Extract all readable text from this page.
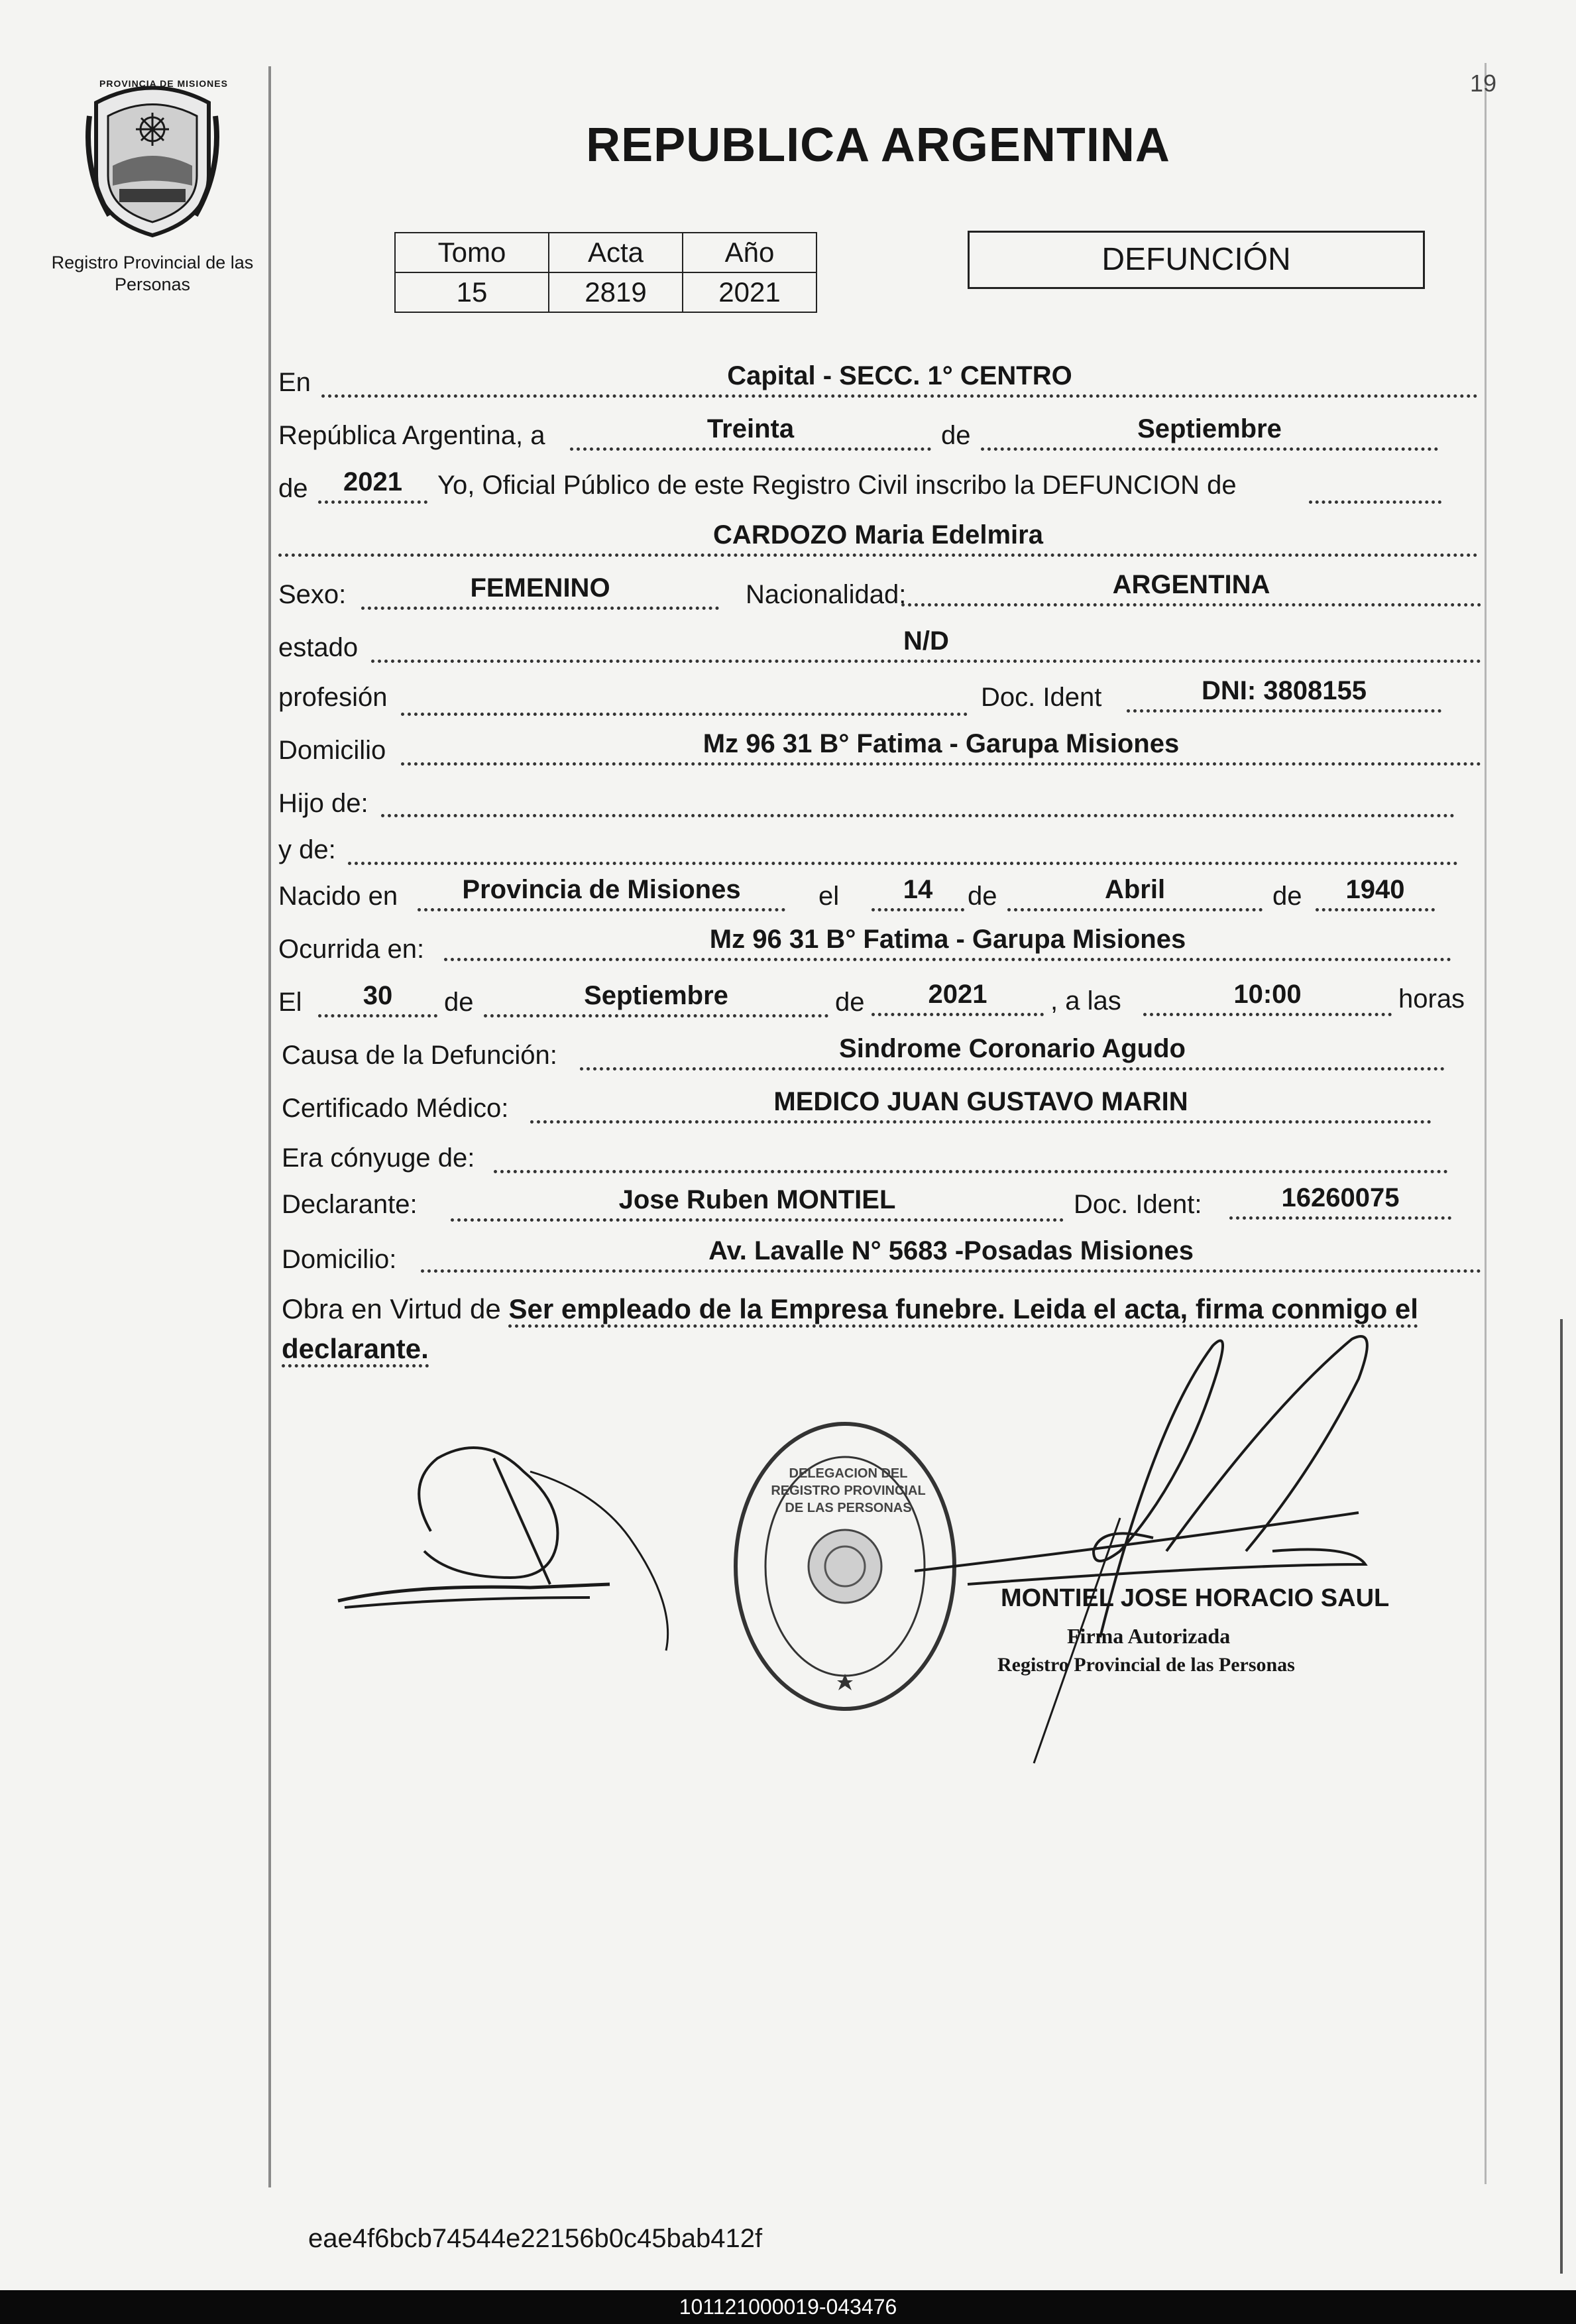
PROVINCIA DE MISIONES
Registro Provincial de las Personas
19
REPUBLICA ARGENTINA
Tomo	Acta	Año
15	2819	2021
DEFUNCIÓN
En	Capital - SECC. 1° CENTRO
República Argentina, a	Treinta	de	Septiembre
de	2021	Yo, Oficial Público de este Registro Civil inscribo la DEFUNCION de
CARDOZO Maria Edelmira
Sexo:	FEMENINO	Nacionalidad:	ARGENTINA
estado	N/D
profesión	Doc. Ident	DNI: 3808155
Domicilio	Mz 96 31 B° Fatima - Garupa Misiones
Hijo de:
y de:
Nacido en	Provincia de Misiones	el	14	de	Abril	de	1940
Ocurrida en:	Mz 96 31 B° Fatima - Garupa Misiones
El	30	de	Septiembre	de	2021	, a las	10:00	horas
Causa de la Defunción:	Sindrome Coronario Agudo
Certificado Médico:	MEDICO JUAN GUSTAVO MARIN
Era cónyuge de:
Declarante:	Jose Ruben MONTIEL	Doc. Ident:	16260075
Domicilio:	Av. Lavalle N° 5683 -Posadas Misiones
Obra en Virtud de Ser empleado de la Empresa funebre. Leida el acta, firma conmigo el declarante.
DELEGACION DEL REGISTRO PROVINCIAL DE LAS PERSONAS
MONTIEL JOSE HORACIO SAUL
Firma Autorizada
Registro Provincial de las Personas
eae4f6bcb74544e22156b0c45bab412f
101121000019-043476
